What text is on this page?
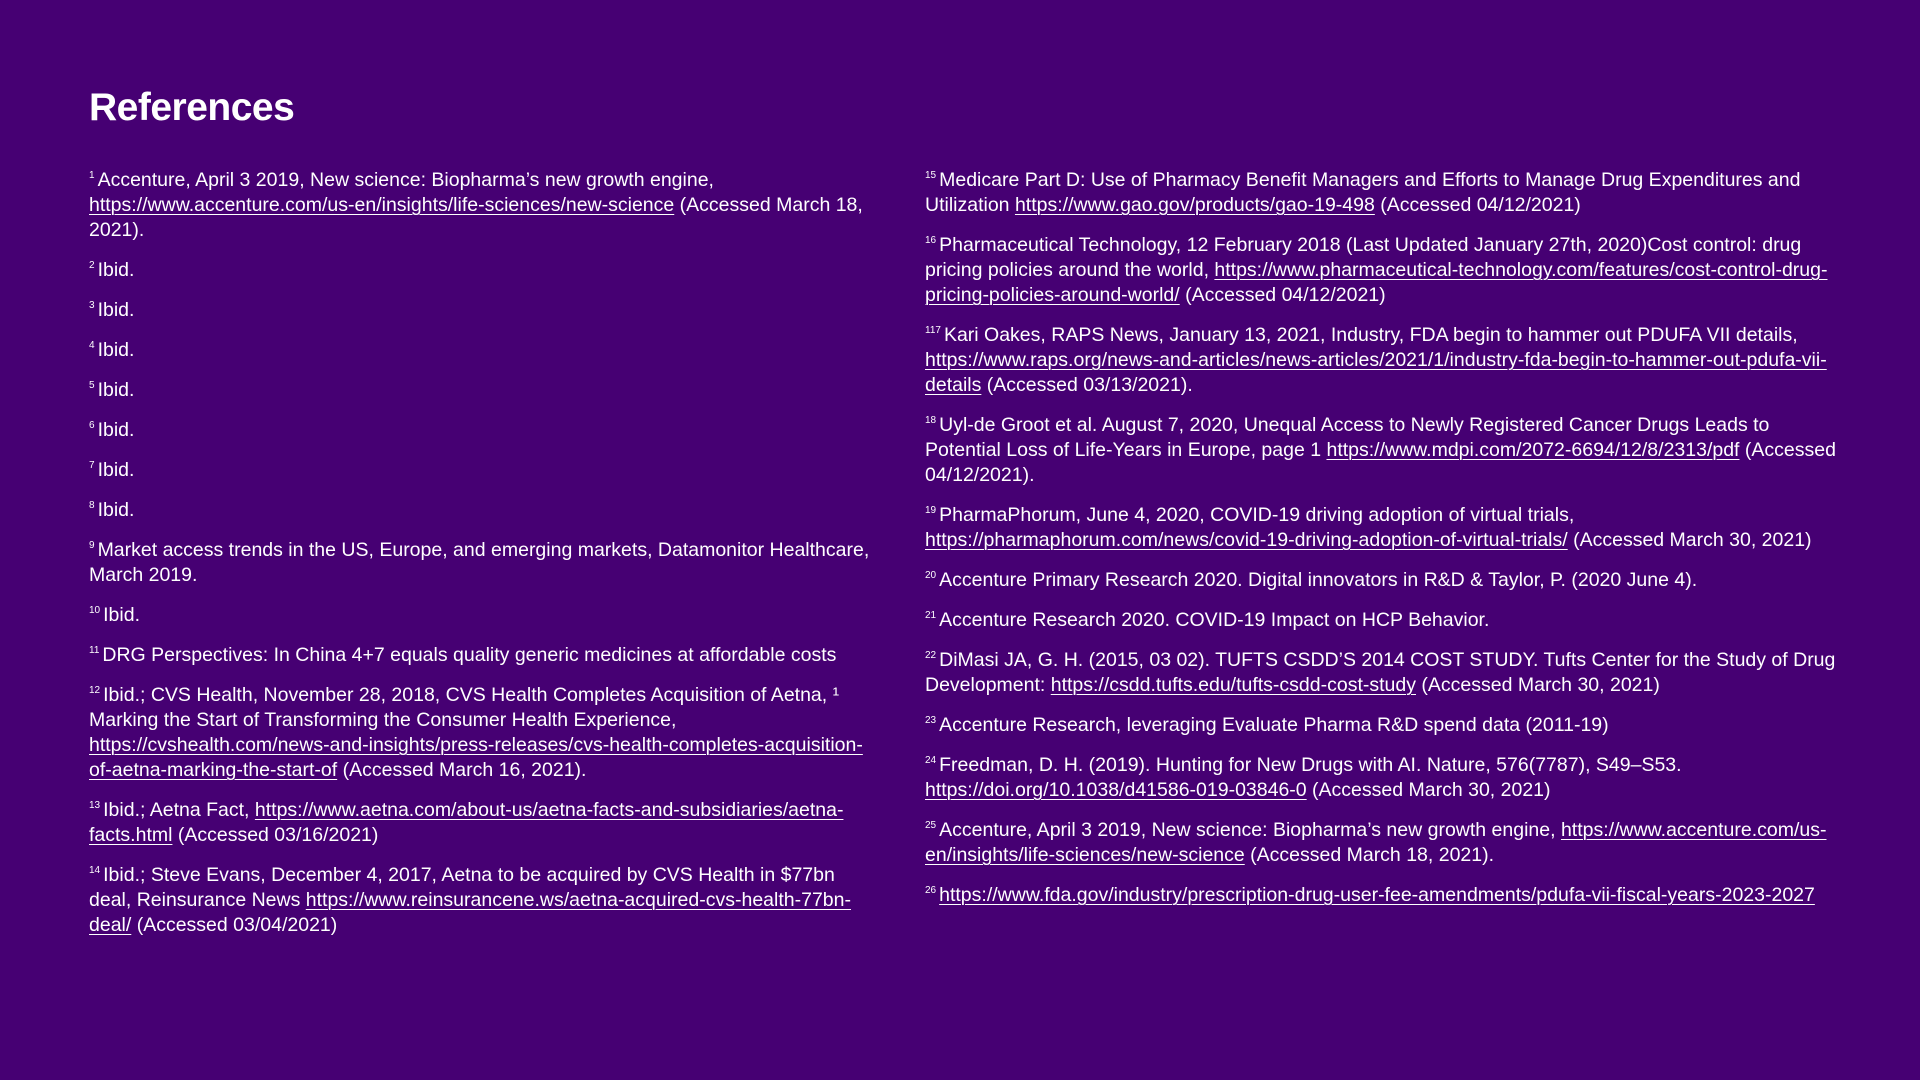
References

$^1$ Accenture, April 3 2019, New science: Biopharma’s new growth engine, https://www.accenture.com/us-en/insights/life-sciences/new-science (Accessed March 18, 2021).

$^2$ Ibid.

$^3$ Ibid.

$^4$ Ibid.

$^5$ Ibid.

$^6$ Ibid.

$^7$ Ibid.

$^8$ Ibid.

$^9$ Market access trends in the US, Europe, and emerging markets, Datamonitor Healthcare, March 2019.

$^{10}$ Ibid.

$^{11}$ DRG Perspectives: In China 4+7 equals quality generic medicines at affordable costs

$^{12}$ Ibid.; CVS Health, November 28, 2018, CVS Health Completes Acquisition of Aetna, ¹ Marking the Start of Transforming the Consumer Health Experience, https://cvshealth.com/news-and-insights/press-releases/cvs-health-completes-acquisition-of-aetna-marking-the-start-of (Accessed March 16, 2021).

$^{13}$ Ibid.; Aetna Fact, https://www.aetna.com/about-us/aetna-facts-and-subsidiaries/aetna-facts.html (Accessed 03/16/2021)

$^{14}$ Ibid.; Steve Evans, December 4, 2017, Aetna to be acquired by CVS Health in $77bn deal, Reinsurance News https://www.reinsurancene.ws/aetna-acquired-cvs-health-77bn-deal/ (Accessed 03/04/2021)

$^{15}$ Medicare Part D: Use of Pharmacy Benefit Managers and Efforts to Manage Drug Expenditures and Utilization https://www.gao.gov/products/gao-19-498 (Accessed 04/12/2021)

$^{16}$ Pharmaceutical Technology, 12 February 2018 (Last Updated January 27th, 2020)Cost control: drug pricing policies around the world, https://www.pharmaceutical-technology.com/features/cost-control-drug-pricing-policies-around-world/ (Accessed 04/12/2021)

$^{117}$ Kari Oakes, RAPS News, January 13, 2021, Industry, FDA begin to hammer out PDUFA VII details, https://www.raps.org/news-and-articles/news-articles/2021/1/industry-fda-begin-to-hammer-out-pdufa-vii-details (Accessed 03/13/2021).

$^{18}$ Uyl-de Groot et al. August 7, 2020, Unequal Access to Newly Registered Cancer Drugs Leads to Potential Loss of Life-Years in Europe, page 1 https://www.mdpi.com/2072-6694/12/8/2313/pdf (Accessed 04/12/2021).

$^{19}$ PharmaPhorum, June 4, 2020, COVID-19 driving adoption of virtual trials, https://pharmaphorum.com/news/covid-19-driving-adoption-of-virtual-trials/ (Accessed March 30, 2021)

$^{20}$ Accenture Primary Research 2020. Digital innovators in R&D & Taylor, P. (2020 June 4).

$^{21}$ Accenture Research 2020. COVID-19 Impact on HCP Behavior.

$^{22}$ DiMasi JA, G. H. (2015, 03 02). TUFTS CSDD’S 2014 COST STUDY. Tufts Center for the Study of Drug Development: https://csdd.tufts.edu/tufts-csdd-cost-study (Accessed March 30, 2021)

$^{23}$ Accenture Research, leveraging Evaluate Pharma R&D spend data (2011-19)

$^{24}$ Freedman, D. H. (2019). Hunting for New Drugs with AI. Nature, 576(7787), S49–S53. https://doi.org/10.1038/d41586-019-03846-0 (Accessed March 30, 2021)

$^{25}$ Accenture, April 3 2019, New science: Biopharma’s new growth engine, https://www.accenture.com/us-en/insights/life-sciences/new-science (Accessed March 18, 2021).

$^{26}$ https://www.fda.gov/industry/prescription-drug-user-fee-amendments/pdufa-vii-fiscal-years-2023-2027
